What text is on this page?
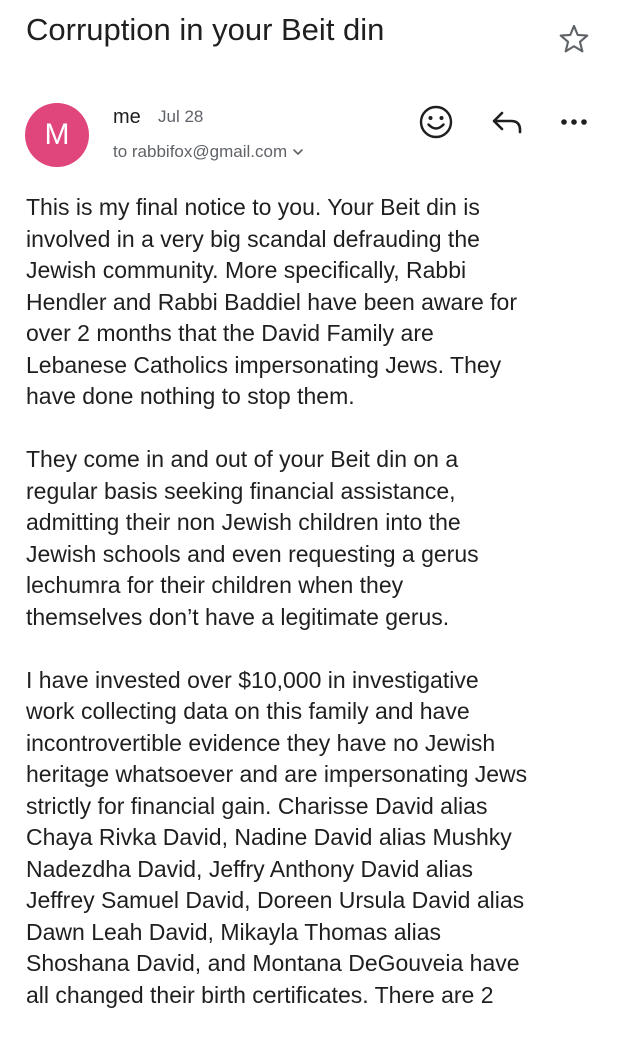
Corruption in your Beit din
M
me Jul 28
to rabbifox@gmail.com

This is my final notice to you. Your Beit din is
involved in a very big scandal defrauding the
Jewish community. More specifically, Rabbi
Hendler and Rabbi Baddiel have been aware for
over 2 months that the David Family are
Lebanese Catholics impersonating Jews. They
have done nothing to stop them.

They come in and out of your Beit din on a
regular basis seeking financial assistance,
admitting their non Jewish children into the
Jewish schools and even requesting a gerus
lechumra for their children when they
themselves don’t have a legitimate gerus.

I have invested over $10,000 in investigative
work collecting data on this family and have
incontrovertible evidence they have no Jewish
heritage whatsoever and are impersonating Jews
strictly for financial gain. Charisse David alias
Chaya Rivka David, Nadine David alias Mushky
Nadezdha David, Jeffry Anthony David alias
Jeffrey Samuel David, Doreen Ursula David alias
Dawn Leah David, Mikayla Thomas alias
Shoshana David, and Montana DeGouveia have
all changed their birth certificates. There are 2
